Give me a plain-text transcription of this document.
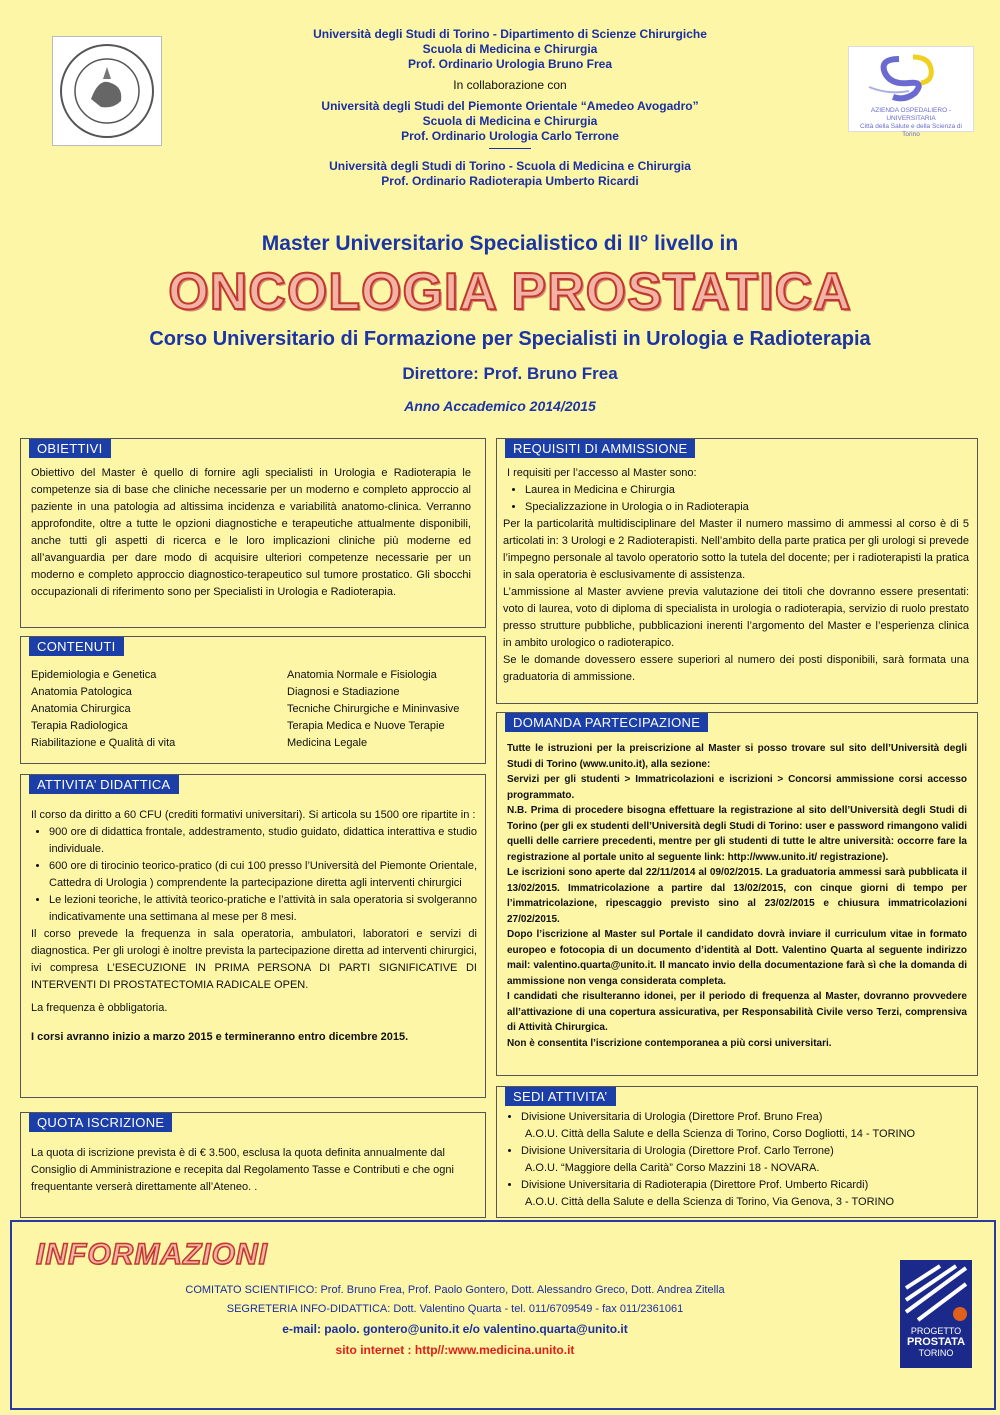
AZIENDA OSPEDALIERO - UNIVERSITARIA
Città della Salute e della Scienza di Torino
Università degli Studi di Torino - Dipartimento di Scienze Chirurgiche
Scuola di Medicina e Chirurgia
Prof. Ordinario Urologia Bruno Frea
In collaborazione con
Università degli Studi del Piemonte Orientale “Amedeo Avogadro”
Scuola di Medicina e Chirurgia
Prof. Ordinario Urologia Carlo Terrone
Università degli Studi di Torino - Scuola di Medicina e Chirurgia
Prof. Ordinario Radioterapia Umberto Ricardi
Master Universitario Specialistico di II° livello in
ONCOLOGIA PROSTATICA
Corso Universitario di Formazione per Specialisti in Urologia e Radioterapia
Direttore: Prof. Bruno Frea
Anno Accademico 2014/2015
OBIETTIVI
Obiettivo del Master è quello di fornire agli specialisti in Urologia e Radioterapia le competenze sia di base che cliniche necessarie per un moderno e completo approccio al paziente in una patologia ad altissima incidenza e variabilità anatomo-clinica. Verranno approfondite, oltre a tutte le opzioni diagnostiche e terapeutiche attualmente disponibili, anche tutti gli aspetti di ricerca e le loro implicazioni cliniche più moderne ed all’avanguardia per dare modo di acquisire ulteriori competenze necessarie per un moderno e completo approccio diagnostico-terapeutico sul tumore prostatico. Gli sbocchi occupazionali di riferimento sono per Specialisti in Urologia e Radioterapia.
CONTENUTI
Epidemiologia e Genetica
Anatomia Patologica
Anatomia Chirurgica
Terapia Radiologica
Riabilitazione e Qualità di vita
Anatomia Normale e Fisiologia
Diagnosi e Stadiazione
Tecniche Chirurgiche e Mininvasive
Terapia Medica e Nuove Terapie
Medicina Legale
ATTIVITA’ DIDATTICA
Il corso da diritto a 60 CFU (crediti formativi universitari). Si articola su 1500 ore ripartite in :
• 900 ore di didattica frontale, addestramento, studio guidato, didattica interattiva e studio individuale.
• 600 ore di tirocinio teorico-pratico (di cui 100 presso l’Università del Piemonte Orientale, Cattedra di Urologia ) comprendente la partecipazione diretta agli interventi chirurgici
• Le lezioni teoriche, le attività teorico-pratiche e l’attività in sala operatoria si svolgeranno indicativamente una settimana al mese per 8 mesi.
Il corso prevede la frequenza in sala operatoria, ambulatori, laboratori e servizi di diagnostica. Per gli urologi è inoltre prevista la partecipazione diretta ad interventi chirurgici, ivi compresa L’ESECUZIONE IN PRIMA PERSONA DI PARTI SIGNIFICATIVE DI INTERVENTI DI PROSTATECTOMIA RADICALE OPEN.
La frequenza è obbligatoria.
I corsi avranno inizio a marzo 2015 e termineranno entro dicembre 2015.
QUOTA ISCRIZIONE
La quota di iscrizione prevista è di € 3.500, esclusa la quota definita annualmente dal Consiglio di Amministrazione e recepita dal Regolamento Tasse e Contributi e che ogni frequentante verserà direttamente all’Ateneo. .
REQUISITI DI AMMISSIONE
I requisiti per l’accesso al Master sono:
• Laurea in Medicina e Chirurgia
• Specializzazione in Urologia o in Radioterapia
Per la particolarità multidisciplinare del Master il numero massimo di ammessi al corso è di 5 articolati in: 3 Urologi e 2 Radioterapisti. Nell’ambito della parte pratica per gli urologi si prevede l’impegno personale al tavolo operatorio sotto la tutela del docente; per i radioterapisti la pratica in sala operatoria è esclusivamente di assistenza.
L’ammissione al Master avviene previa valutazione dei titoli che dovranno essere presentati: voto di laurea, voto di diploma di specialista in urologia o radioterapia, servizio di ruolo prestato presso strutture pubbliche, pubblicazioni inerenti l’argomento del Master e l’esperienza clinica in ambito urologico o radioterapico.
Se le domande dovessero essere superiori al numero dei posti disponibili, sarà formata una graduatoria di ammissione.
DOMANDA PARTECIPAZIONE
Tutte le istruzioni per la preiscrizione al Master si posso trovare sul sito dell’Università degli Studi di Torino (www.unito.it), alla sezione:
Servizi per gli studenti > Immatricolazioni e iscrizioni > Concorsi ammissione corsi accesso programmato.
N.B. Prima di procedere bisogna effettuare la registrazione al sito dell’Università degli Studi di Torino (per gli ex studenti dell’Università degli Studi di Torino: user e password rimangono validi quelli delle carriere precedenti, mentre per gli studenti di tutte le altre università: occorre fare la registrazione al portale unito al seguente link: http://www.unito.it/ registrazione).
Le iscrizioni sono aperte dal 22/11/2014 al 09/02/2015. La graduatoria ammessi sarà pubblicata il 13/02/2015. Immatricolazione a partire dal 13/02/2015, con cinque giorni di tempo per l’immatricolazione, ripescaggio previsto sino al 23/02/2015 e chiusura immatricolazioni 27/02/2015.
Dopo l’iscrizione al Master sul Portale il candidato dovrà inviare il curriculum vitae in formato europeo e fotocopia di un documento d’identità al Dott. Valentino Quarta al seguente indirizzo mail: valentino.quarta@unito.it. Il mancato invio della documentazione farà sì che la domanda di ammissione non venga considerata completa.
I candidati che risulteranno idonei, per il periodo di frequenza al Master, dovranno provvedere all’attivazione di una copertura assicurativa, per Responsabilità Civile verso Terzi, comprensiva di Attività Chirurgica.
Non è consentita l’iscrizione contemporanea a più corsi universitari.
SEDI ATTIVITA’
• Divisione Universitaria di Urologia (Direttore Prof. Bruno Frea)
A.O.U. Città della Salute e della Scienza di Torino, Corso Dogliotti, 14 - TORINO
• Divisione Universitaria di Urologia (Direttore Prof. Carlo Terrone)
A.O.U. “Maggiore della Carità” Corso Mazzini 18 - NOVARA.
• Divisione Universitaria di Radioterapia (Direttore Prof. Umberto Ricardi)
A.O.U. Città della Salute e della Scienza di Torino, Via Genova, 3 - TORINO
INFORMAZIONI
COMITATO SCIENTIFICO: Prof. Bruno Frea, Prof. Paolo Gontero, Dott. Alessandro Greco, Dott. Andrea Zitella
SEGRETERIA INFO-DIDATTICA: Dott. Valentino Quarta - tel. 011/6709549 - fax 011/2361061
e-mail: paolo. gontero@unito.it e/o valentino.quarta@unito.it
sito internet : http//:www.medicina.unito.it
PROGETTO
PROSTATA
TORINO
